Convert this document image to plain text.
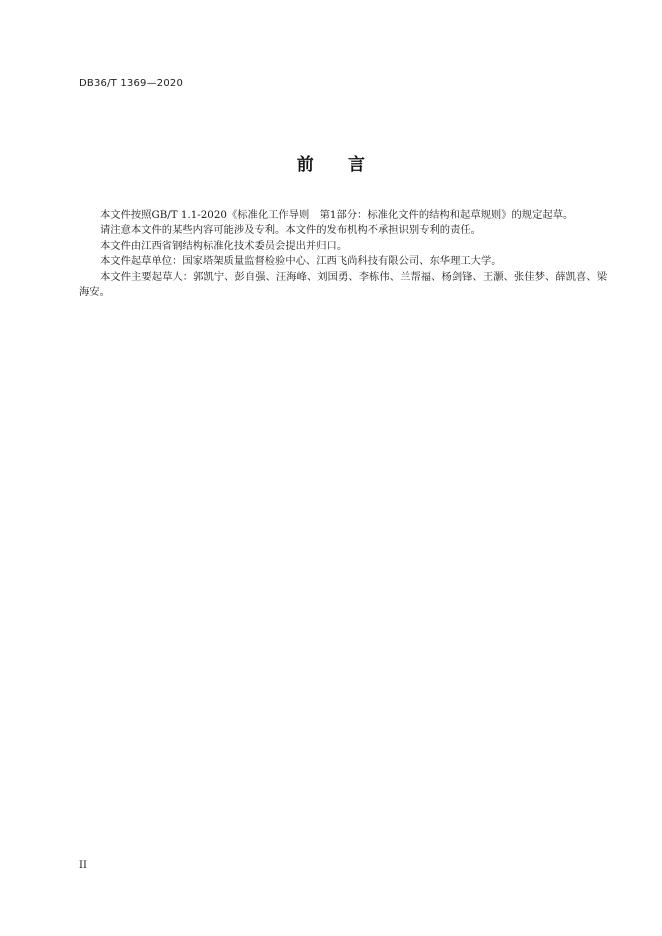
DB36/T 1369—2020
前 言

本文件按照GB/T 1.1-2020《标准化工作导则　第1部分：标准化文件的结构和起草规则》的规定起草。

请注意本文件的某些内容可能涉及专利。本文件的发布机构不承担识别专利的责任。

本文件由江西省钢结构标准化技术委员会提出并归口。

本文件起草单位：国家塔架质量监督检验中心、江西飞尚科技有限公司、东华理工大学。

本文件主要起草人：郭凯宁、彭自强、汪海峰、刘国勇、李栋伟、兰帮福、杨剑锋、王灏、张佳梦、薛凯喜、梁海安。

II
